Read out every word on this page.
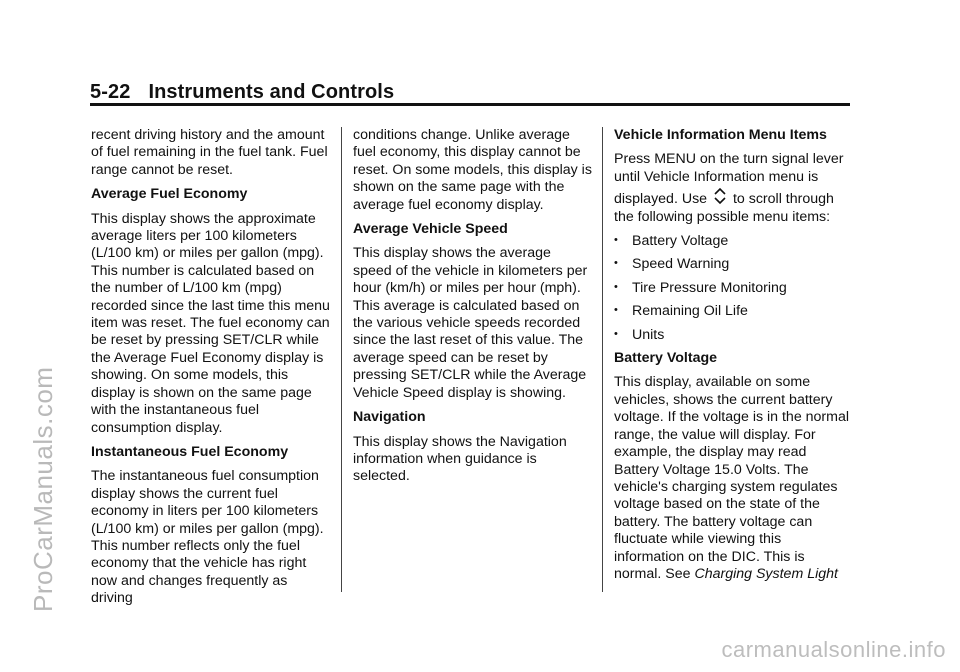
5-22 Instruments and Controls

recent driving history and the amount of fuel remaining in the fuel tank. Fuel range cannot be reset.

Average Fuel Economy

This display shows the approximate average liters per 100 kilometers (L/100 km) or miles per gallon (mpg). This number is calculated based on the number of L/100 km (mpg) recorded since the last time this menu item was reset. The fuel economy can be reset by pressing SET/CLR while the Average Fuel Economy display is showing. On some models, this display is shown on the same page with the instantaneous fuel consumption display.

Instantaneous Fuel Economy

The instantaneous fuel consumption display shows the current fuel economy in liters per 100 kilometers (L/100 km) or miles per gallon (mpg). This number reflects only the fuel economy that the vehicle has right now and changes frequently as driving

conditions change. Unlike average fuel economy, this display cannot be reset. On some models, this display is shown on the same page with the average fuel economy display.

Average Vehicle Speed

This display shows the average speed of the vehicle in kilometers per hour (km/h) or miles per hour (mph). This average is calculated based on the various vehicle speeds recorded since the last reset of this value. The average speed can be reset by pressing SET/CLR while the Average Vehicle Speed display is showing.

Navigation

This display shows the Navigation information when guidance is selected.

Vehicle Information Menu Items

Press MENU on the turn signal lever until Vehicle Information menu is displayed. Use to scroll through the following possible menu items:

• Battery Voltage
• Speed Warning
• Tire Pressure Monitoring
• Remaining Oil Life
• Units

Battery Voltage

This display, available on some vehicles, shows the current battery voltage. If the voltage is in the normal range, the value will display. For example, the display may read Battery Voltage 15.0 Volts. The vehicle's charging system regulates voltage based on the state of the battery. The battery voltage can fluctuate while viewing this information on the DIC. This is normal. See Charging System Light

ProCarManuals.com
carmanualsonline.info
